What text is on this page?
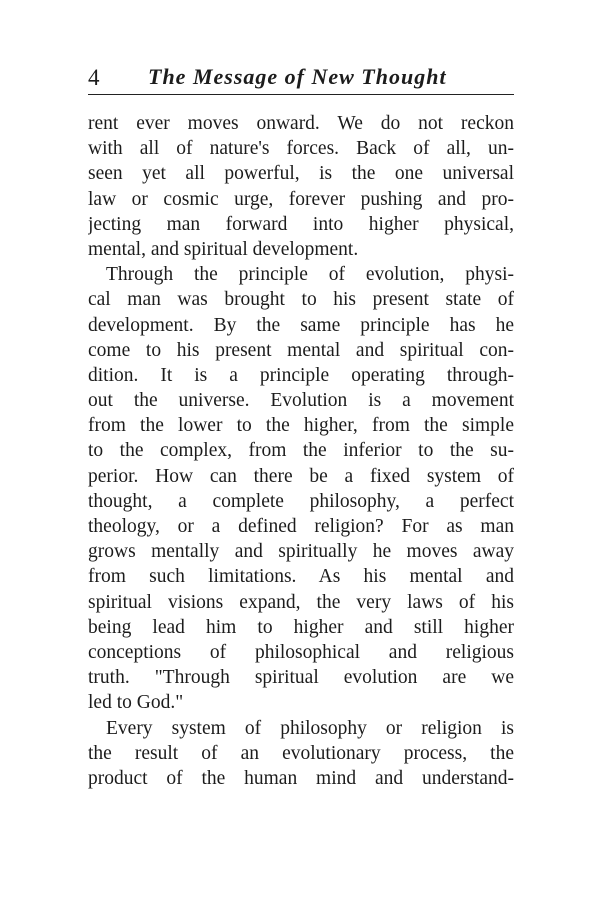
4 The Message of New Thought
rent ever moves onward. We do not reckon
with all of nature's forces. Back of all, un-
seen yet all powerful, is the one universal
law or cosmic urge, forever pushing and pro-
jecting man forward into higher physical,
mental, and spiritual development.
Through the principle of evolution, physi-
cal man was brought to his present state of
development. By the same principle has he
come to his present mental and spiritual con-
dition. It is a principle operating through-
out the universe. Evolution is a movement
from the lower to the higher, from the simple
to the complex, from the inferior to the su-
perior. How can there be a fixed system of
thought, a complete philosophy, a perfect
theology, or a defined religion? For as man
grows mentally and spiritually he moves away
from such limitations. As his mental and
spiritual visions expand, the very laws of his
being lead him to higher and still higher
conceptions of philosophical and religious
truth. "Through spiritual evolution are we
led to God."
Every system of philosophy or religion is
the result of an evolutionary process, the
product of the human mind and understand-
